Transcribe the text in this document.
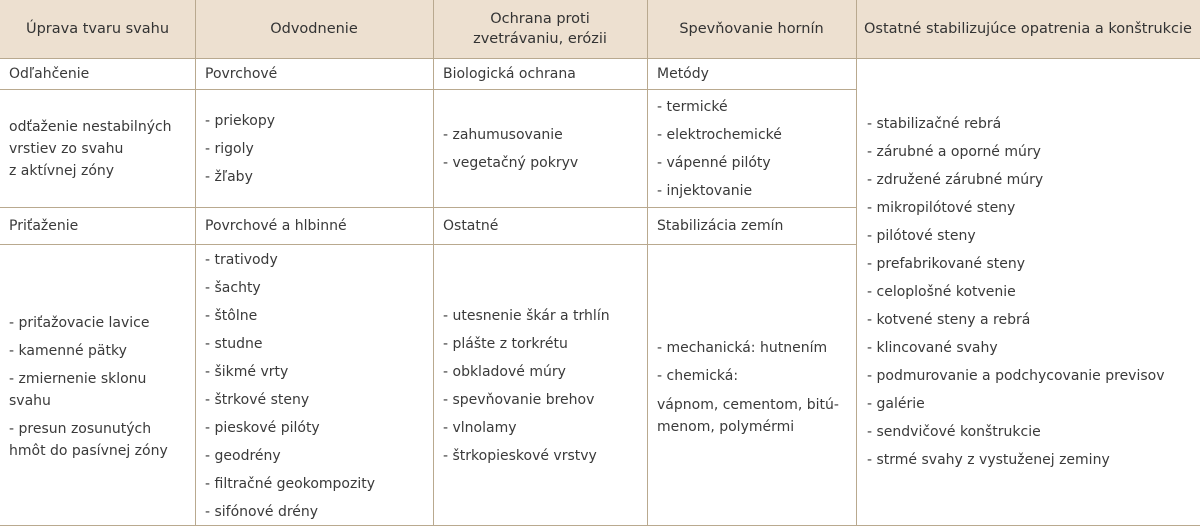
Úprava tvaru svahu	Odvodnenie
Ochrana proti zvetrávaniu, erózii
Spevňovanie hornín	Ostatné stabilizujúce opatrenia a konštrukcie
Odľahčenie
odťaženie nestabilných
vrstiev zo svahu
z aktívnej zóny
Priťaženie
- priťažovacie lavice
- kamenné pätky
- zmiernenie sklonu
svahu
- presun zosunutých
hmôt do pasívnej zóny
Povrchové
- priekopy
- rigoly
- žľaby
Povrchové a hlbinné
- trativody
- šachty
- štôlne
- studne
- šikmé vrty
- štrkové steny
- pieskové pilóty
- geodrény
- filtračné geokompozity
- sifónové drény
Biologická ochrana
- zahumusovanie
- vegetačný pokryv
Ostatné
- utesnenie škár a trhlín
- plášte z torkrétu
- obkladové múry
- spevňovanie brehov
- vlnolamy
- štrkopieskové vrstvy
Metódy
- termické
- elektrochemické
- vápenné pilóty
- injektovanie
Stabilizácia zemín
- mechanická: hutnením
- chemická:
vápnom, cementom, bitú-
menom, polymérmi
- stabilizačné rebrá
- zárubné a oporné múry
- združené zárubné múry
- mikropilótové steny
- pilótové steny
- prefabrikované steny
- celoplošné kotvenie
- kotvené steny a rebrá
- klincované svahy
- podmurovanie a podchycovanie previsov
- galérie
- sendvičové konštrukcie
- strmé svahy z vystuženej zeminy
